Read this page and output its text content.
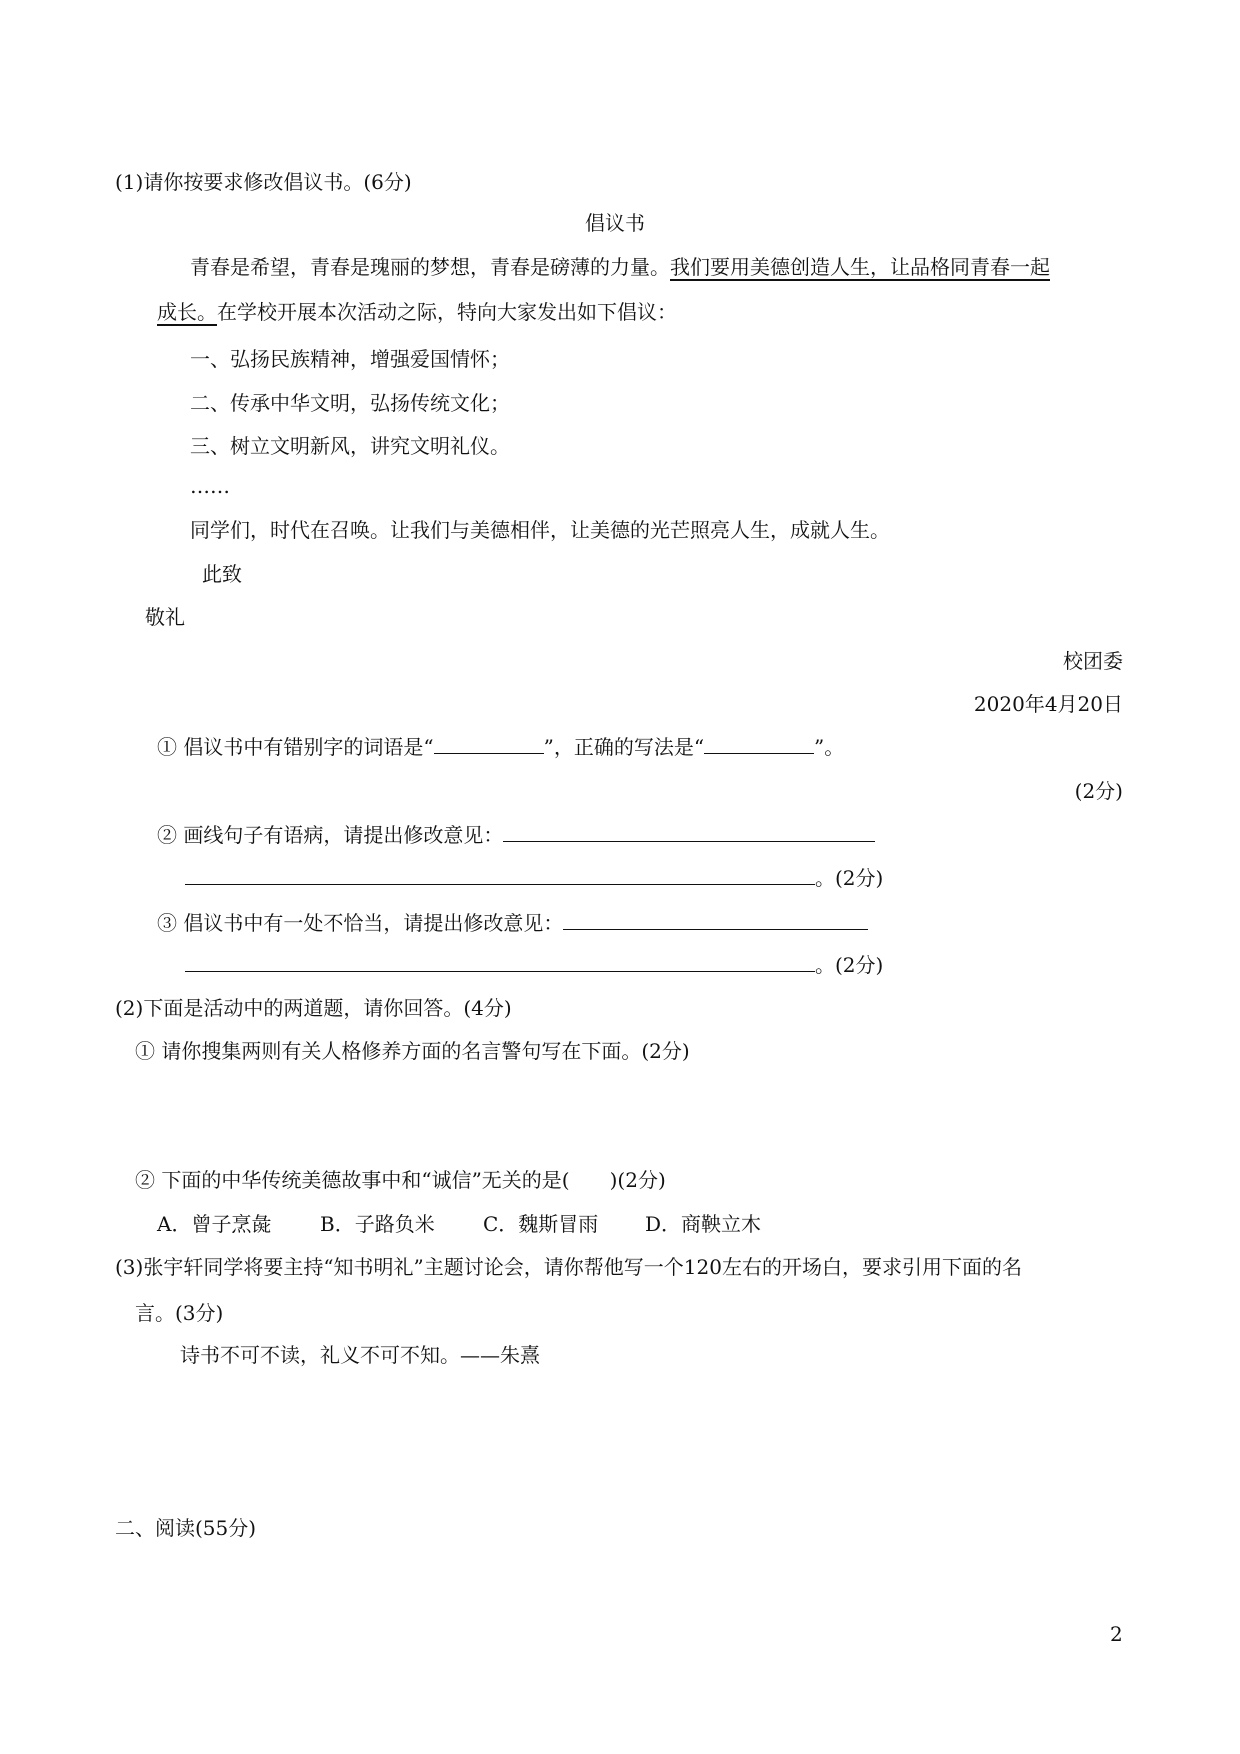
(1)请你按要求修改倡议书。(6分)
倡议书
青春是希望，青春是瑰丽的梦想，青春是磅薄的力量。我们要用美德创造人生，让品格同青春一起
成长。在学校开展本次活动之际，特向大家发出如下倡议：
一、弘扬民族精神，增强爱国情怀；
二、传承中华文明，弘扬传统文化；
三、树立文明新风，讲究文明礼仪。
……
同学们，时代在召唤。让我们与美德相伴，让美德的光芒照亮人生，成就人生。
此致
敬礼
校团委
2020年4月20日
① 倡议书中有错别字的词语是“	”，正确的写法是“	”。
(2分)
② 画线句子有语病，请提出修改意见：
。(2分)
③ 倡议书中有一处不恰当，请提出修改意见：
。(2分)
(2)下面是活动中的两道题，请你回答。(4分)
① 请你搜集两则有关人格修养方面的名言警句写在下面。(2分)
② 下面的中华传统美德故事中和“诚信”无关的是(　　)(2分)
A．曾子烹彘 B．子路负米 C．魏斯冒雨 D．商鞅立木
(3)张宇轩同学将要主持“知书明礼”主题讨论会，请你帮他写一个120左右的开场白，要求引用下面的名
言。(3分)
诗书不可不读，礼义不可不知。——朱熹
二、阅读(55分)
2
